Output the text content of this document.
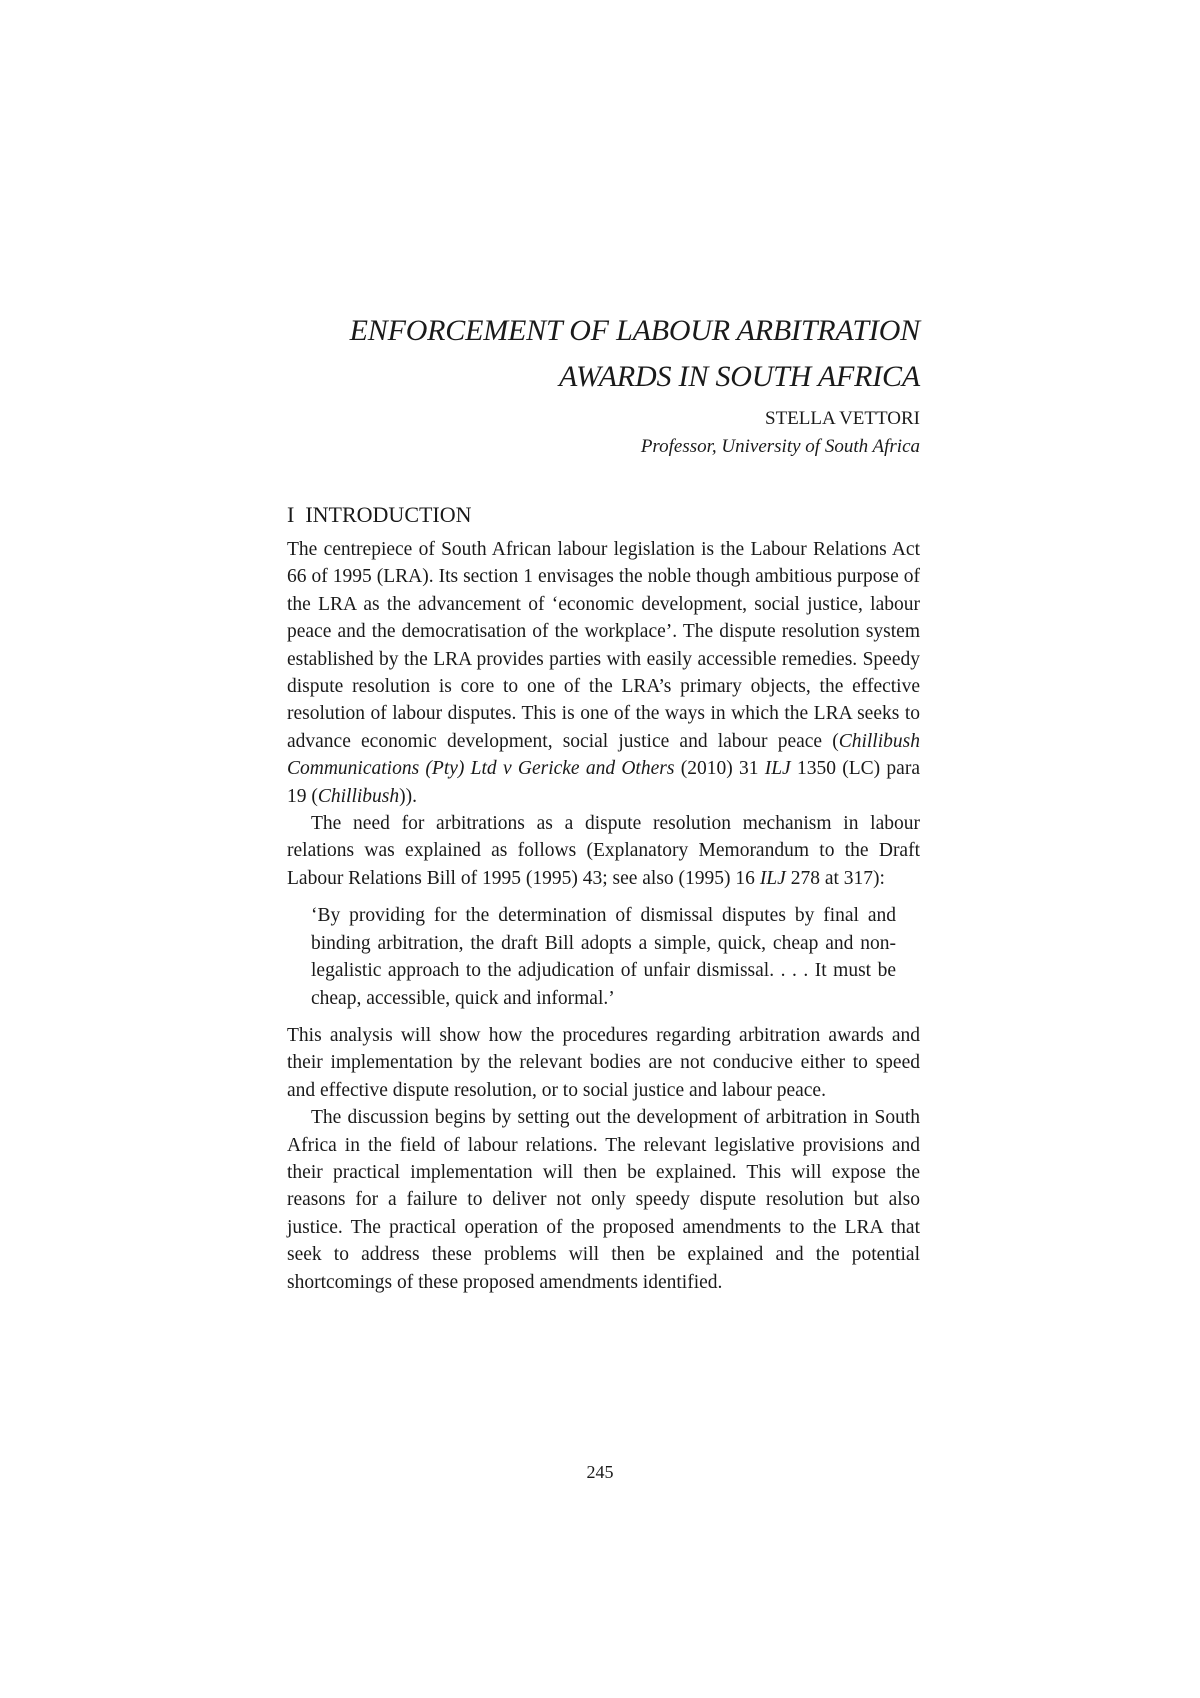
ENFORCEMENT OF LABOUR ARBITRATION
AWARDS IN SOUTH AFRICA
STELLA VETTORI
Professor, University of South Africa
I INTRODUCTION

The centrepiece of South African labour legislation is the Labour Relations Act 66 of 1995 (LRA). Its section 1 envisages the noble though ambitious purpose of the LRA as the advancement of ‘economic development, social justice, labour peace and the democratisation of the workplace’. The dispute resolution system established by the LRA provides parties with easily accessible remedies. Speedy dispute resolution is core to one of the LRA’s primary objects, the effective resolution of labour disputes. This is one of the ways in which the LRA seeks to advance economic development, social justice and labour peace (Chillibush Communications (Pty) Ltd v Gericke and Others (2010) 31 ILJ 1350 (LC) para 19 (Chillibush)).

The need for arbitrations as a dispute resolution mechanism in labour relations was explained as follows (Explanatory Memorandum to the Draft Labour Relations Bill of 1995 (1995) 43; see also (1995) 16 ILJ 278 at 317):

‘By providing for the determination of dismissal disputes by final and binding arbitration, the draft Bill adopts a simple, quick, cheap and non-legalistic approach to the adjudication of unfair dismissal. . . . It must be cheap, accessible, quick and informal.’

This analysis will show how the procedures regarding arbitration awards and their implementation by the relevant bodies are not conducive either to speed and effective dispute resolution, or to social justice and labour peace.

The discussion begins by setting out the development of arbitration in South Africa in the field of labour relations. The relevant legislative provisions and their practical implementation will then be explained. This will expose the reasons for a failure to deliver not only speedy dispute resolution but also justice. The practical operation of the proposed amendments to the LRA that seek to address these problems will then be explained and the potential shortcomings of these proposed amendments identified.

245
